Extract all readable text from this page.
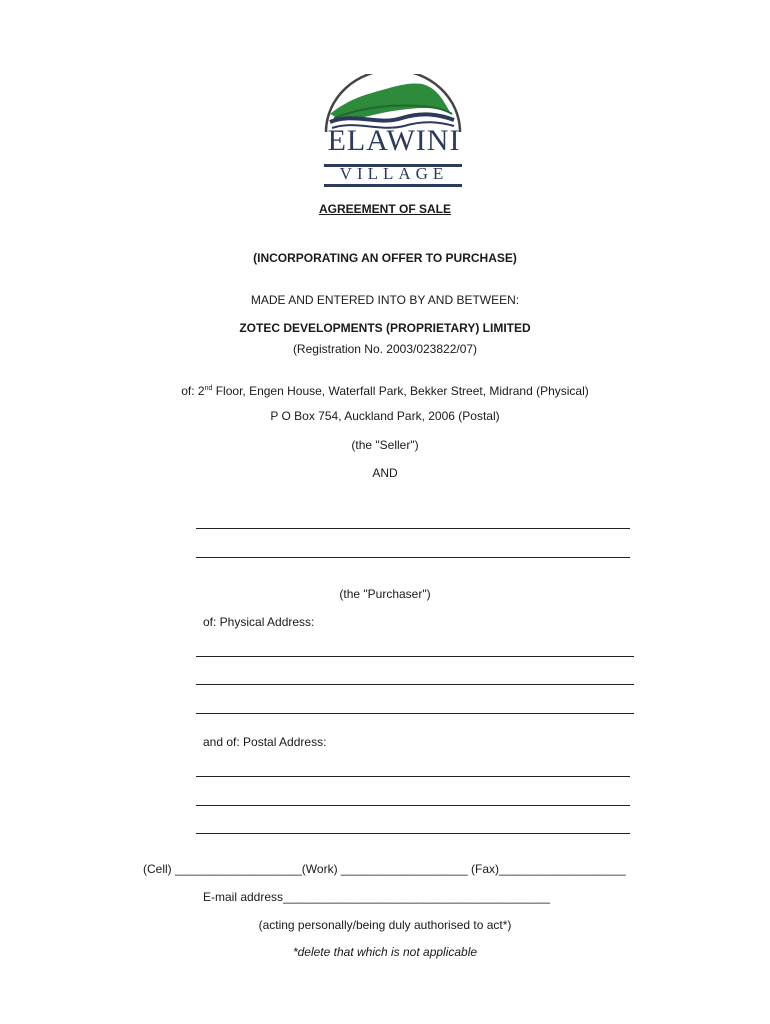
ELAWINI
VILLAGE
AGREEMENT OF SALE
(INCORPORATING AN OFFER TO PURCHASE)
MADE AND ENTERED INTO BY AND BETWEEN:
ZOTEC DEVELOPMENTS (PROPRIETARY) LIMITED
(Registration No. 2003/023822/07)
of: 2nd Floor, Engen House, Waterfall Park, Bekker Street, Midrand (Physical)
P O Box 754, Auckland Park, 2006 (Postal)
(the "Seller")
AND
(the "Purchaser")
of: Physical Address:
and of: Postal Address:
(Cell) ___________________(Work) ___________________ (Fax)___________________
E-mail address________________________________________
(acting personally/being duly authorised to act*)
*delete that which is not applicable
